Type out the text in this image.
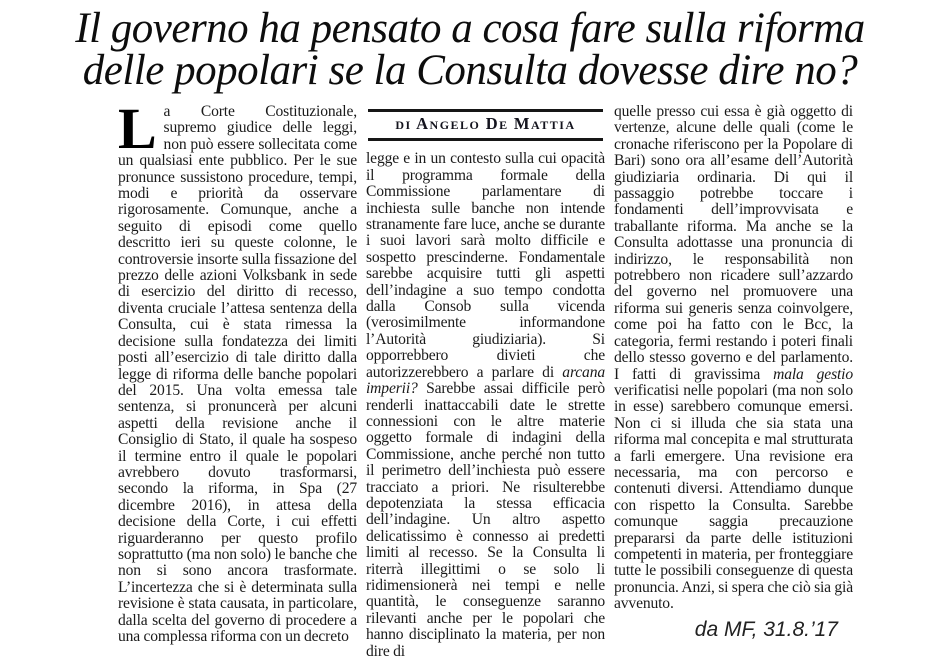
Il governo ha pensato a cosa fare sulla riforma
delle popolari se la Consulta dovesse dire no?

La Corte Costituzionale, supremo giudice delle leggi, non può essere sollecitata come un qualsiasi ente pubblico. Per le sue pronunce sussistono procedure, tempi, modi e priorità da osservare rigorosamente. Comunque, anche a seguito di episodi come quello descritto ieri su queste colonne, le controversie insorte sulla fissazione del prezzo delle azioni Volksbank in sede di esercizio del diritto di recesso, diventa cruciale l’attesa sentenza della Consulta, cui è stata rimessa la decisione sulla fondatezza dei limiti posti all’esercizio di tale diritto dalla legge di riforma delle banche popolari del 2015. Una volta emessa tale sentenza, si pronuncerà per alcuni aspetti della revisione anche il Consiglio di Stato, il quale ha sospeso il termine entro il quale le popolari avrebbero dovuto trasformarsi, secondo la riforma, in Spa (27 dicembre 2016), in attesa della decisione della Corte, i cui effetti riguarderanno per questo profilo soprattutto (ma non solo) le banche che non si sono ancora trasformate. L’incertezza che si è determinata sulla revisione è stata causata, in particolare, dalla scelta del governo di procedere a una complessa riforma con un decreto

di Angelo De Mattia

legge e in un contesto sulla cui opacità il programma formale della Commissione parlamentare di inchiesta sulle banche non intende stranamente fare luce, anche se durante i suoi lavori sarà molto difficile e sospetto prescinderne. Fondamentale sarebbe acquisire tutti gli aspetti dell’indagine a suo tempo condotta dalla Consob sulla vicenda (verosimilmente informandone l’Autorità giudiziaria). Si opporrebbero divieti che autorizzerebbero a parlare di arcana imperii? Sarebbe assai difficile però renderli inattaccabili date le strette connessioni con le altre materie oggetto formale di indagini della Commissione, anche perché non tutto il perimetro dell’inchiesta può essere tracciato a priori. Ne risulterebbe depotenziata la stessa efficacia dell’indagine. Un altro aspetto delicatissimo è connesso ai predetti limiti al recesso. Se la Consulta li riterrà illegittimi o se solo li ridimensionerà nei tempi e nelle quantità, le conseguenze saranno rilevanti anche per le popolari che hanno disciplinato la materia, per non dire di

quelle presso cui essa è già oggetto di vertenze, alcune delle quali (come le cronache riferiscono per la Popolare di Bari) sono ora all’esame dell’Autorità giudiziaria ordinaria. Di qui il passaggio potrebbe toccare i fondamenti dell’improvvisata e traballante riforma. Ma anche se la Consulta adottasse una pronuncia di indirizzo, le responsabilità non potrebbero non ricadere sull’azzardo del governo nel promuovere una riforma sui generis senza coinvolgere, come poi ha fatto con le Bcc, la categoria, fermi restando i poteri finali dello stesso governo e del parlamento. I fatti di gravissima mala gestio verificatisi nelle popolari (ma non solo in esse) sarebbero comunque emersi. Non ci si illuda che sia stata una riforma mal concepita e mal strutturata a farli emergere. Una revisione era necessaria, ma con percorso e contenuti diversi. Attendiamo dunque con rispetto la Consulta. Sarebbe comunque saggia precauzione prepararsi da parte delle istituzioni competenti in materia, per fronteggiare tutte le possibili conseguenze di questa pronuncia. Anzi, si spera che ciò sia già avvenuto.

da MF, 31.8.’17
